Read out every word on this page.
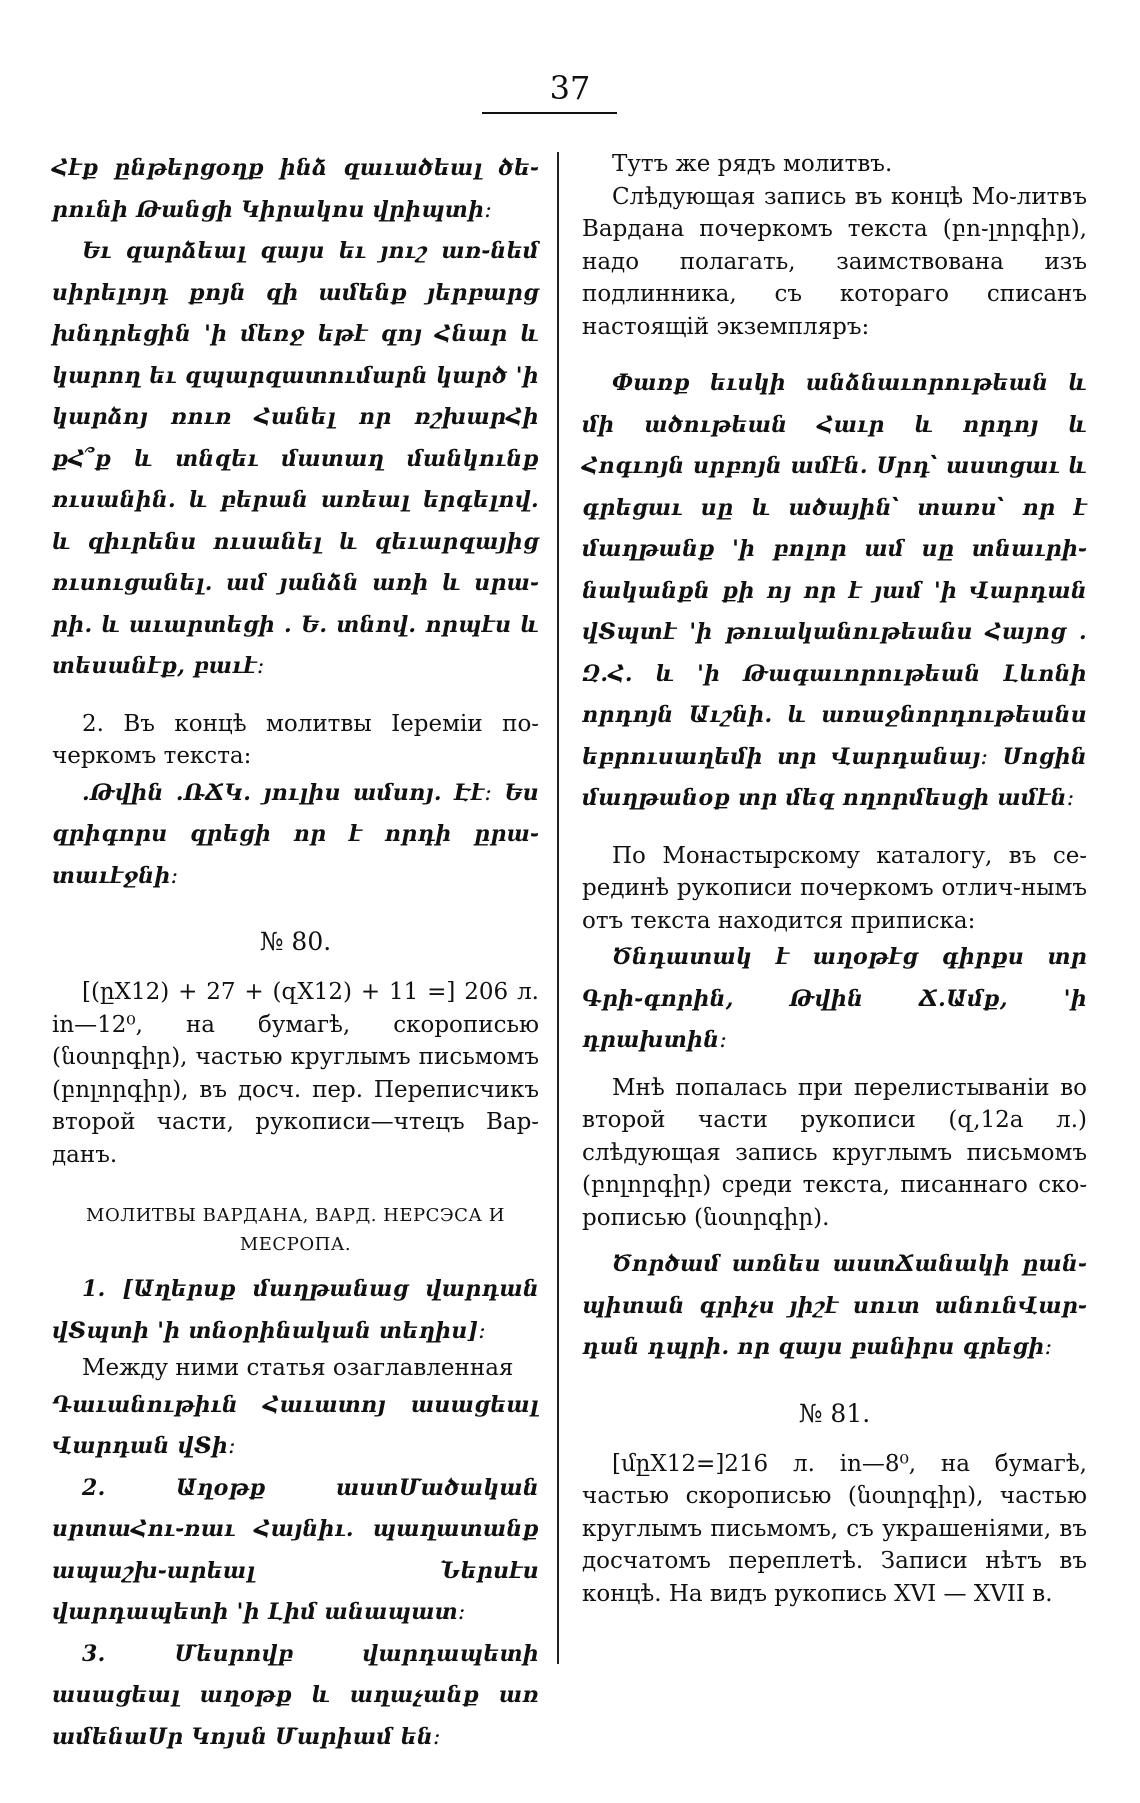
37
Հէք ընթերցօղք ինձ զաւածեալ ծե֊րունի Թանցի Կիրակոս վրիպտի։
Եւ զարձեալ զայս եւ յուշ առ֊նեմ սիրելոյդ քոյն զի ամենք յերբարց խնդրեցին 'ի մեռջ եթէ զոյ Հնար և կարող եւ զպարզատումարն կարծ 'ի կարձոյ ռուռ Հանել որ ռշխարՀի քՀ՞ք և տնզեւ մատաղ մանկունք ռւսանին. և բերան առեալ երգելով. և զիւրենս ուսանել և զեւարզայից ռւսուցանել. ամ յանձն առի և սրա֊րի. և աւարտեցի ․ Ե․ տնով. որպէս և տեսանէք, բաւէ։
2. Въ концѣ молитвы Іереміи по֊черкомъ текста:
․Թվին ․ՌՃԿ․ յուլիս ամսոյ. Էէ։ Ես զրիգորս զրեցի որ է որդի ըրա֊տաւէջնի։
№ 80.
[(ըX12) + 27 + (զX12) + 11 =] 206 л. in—12⁰, на бумагѣ, скорописью (նօտրգիր), частью круглымъ письмомъ (բոլորգիր), въ досч. пер. Переписчикъ второй части, рукописи—чтецъ Вар֊данъ.
МОЛИТВЫ ВАРДАНА, ВАРД. НЕРСЭСА И МЕСРОПА.
1. [Աղերսք մաղթանաց վարդան վՏպտի 'ի տնօրինական տեղիս]։
Между ними статья озаглавленная
Դաւանութիւն Հաւատոյ ասացեալ Վարդան վՏի։
2. Աղօթք աստՄածական սրտաՀու֊ռաւ Հայնիւ․ պաղատանք ապաշխ֊արեալ Ներսէս վարդապետի 'ի Լիմ անապատ։
3. Մեսրովբ վարդապետի ասացեալ աղօթք և աղաչանք առ ամենաՍր Կոյսն Մարիամ են։
Тутъ же рядъ молитвъ.
Слѣдующая запись въ концѣ Мо֊литвъ Вардана почеркомъ текста (բո֊լորգիր), надо полагать, заимствована изъ подлинника, съ котораго списанъ настоящій экземпляръ:
Փառք եւսկի անձնաւորութեան և մի ածութեան Հաւր և որդոյ և Հոգւոյն սրբոյն ամէն. Սրդ՝ աստցաւ և գրեցաւ սը և ածային՝ տառս՝ որ է մաղթանք 'ի բոլոր ամ սը տնաւրի֊նականքն քի ոյ որ է յամ 'ի Վարդան վՏպտէ 'ի թուականութեանս Հայոց ․Զ․Հ․ և 'ի Թագաւորութեան Լևոնի որդոյն Աւշնի․ և առաջնորդութեանս եբրուսաղեմի տր Վարդանայ։ Սոցին մաղթանօք տր մեզ ողորմեսցի ամէն։
По Монастырскому каталогу, въ се֊рединѣ рукописи почеркомъ отлич֊нымъ отъ текста находится приписка:
Ծնդատակ է աղօթէց գիրքս տր Գրի֊գորին, Թվին Ճ․Ամք, 'ի դրախտին։
Мнѣ попалась при перелистываніи во второй части рукописи (զ,12а л.) слѣдующая запись круглымъ письмомъ (բոլորգիր) среди текста, писаннаго ско֊рописью (նօտրգիր).
Ծործամ առնես աստՃանակի ըան֊պիտան գրիչս յիշէ սուտ անունՎար֊դան դպրի. որ զայս բանիրս գրեցի։
№ 81.
[մըX12=]216 л. in—8⁰, на бумагѣ, частью скорописью (նօտրգիր), частью круглымъ письмомъ, съ украшеніями, въ досчатомъ переплетѣ. Записи нѣтъ въ концѣ. На видъ рукопись XVI — XVII в.
